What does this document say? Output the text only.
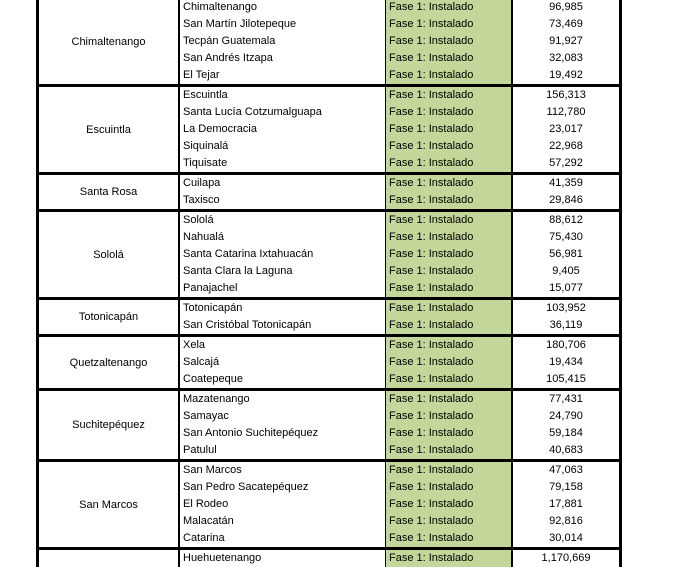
Chimaltenango
Chimaltenango	Fase 1: Instalado	96,985
San Martín Jilotepeque	Fase 1: Instalado	73,469
Tecpán Guatemala	Fase 1: Instalado	91,927
San Andrés Itzapa	Fase 1: Instalado	32,083
El Tejar	Fase 1: Instalado	19,492
Escuintla
Escuintla	Fase 1: Instalado	156,313
Santa Lucía Cotzumalguapa	Fase 1: Instalado	112,780
La Democracia	Fase 1: Instalado	23,017
Siquinalá	Fase 1: Instalado	22,968
Tiquisate	Fase 1: Instalado	57,292
Santa Rosa
Cuilapa	Fase 1: Instalado	41,359
Taxisco	Fase 1: Instalado	29,846
Sololá
Sololá	Fase 1: Instalado	88,612
Nahualá	Fase 1: Instalado	75,430
Santa Catarina Ixtahuacán	Fase 1: Instalado	56,981
Santa Clara la Laguna	Fase 1: Instalado	9,405
Panajachel	Fase 1: Instalado	15,077
Totonicapán
Totonicapán	Fase 1: Instalado	103,952
San Cristóbal Totonicapán	Fase 1: Instalado	36,119
Quetzaltenango
Xela	Fase 1: Instalado	180,706
Salcajá	Fase 1: Instalado	19,434
Coatepeque	Fase 1: Instalado	105,415
Suchitepéquez
Mazatenango	Fase 1: Instalado	77,431
Samayac	Fase 1: Instalado	24,790
San Antonio Suchitepéquez	Fase 1: Instalado	59,184
Patulul	Fase 1: Instalado	40,683
San Marcos
San Marcos	Fase 1: Instalado	47,063
San Pedro Sacatepéquez	Fase 1: Instalado	79,158
El Rodeo	Fase 1: Instalado	17,881
Malacatán	Fase 1: Instalado	92,816
Catarina	Fase 1: Instalado	30,014
Huehuetenango	Fase 1: Instalado	1,170,669
